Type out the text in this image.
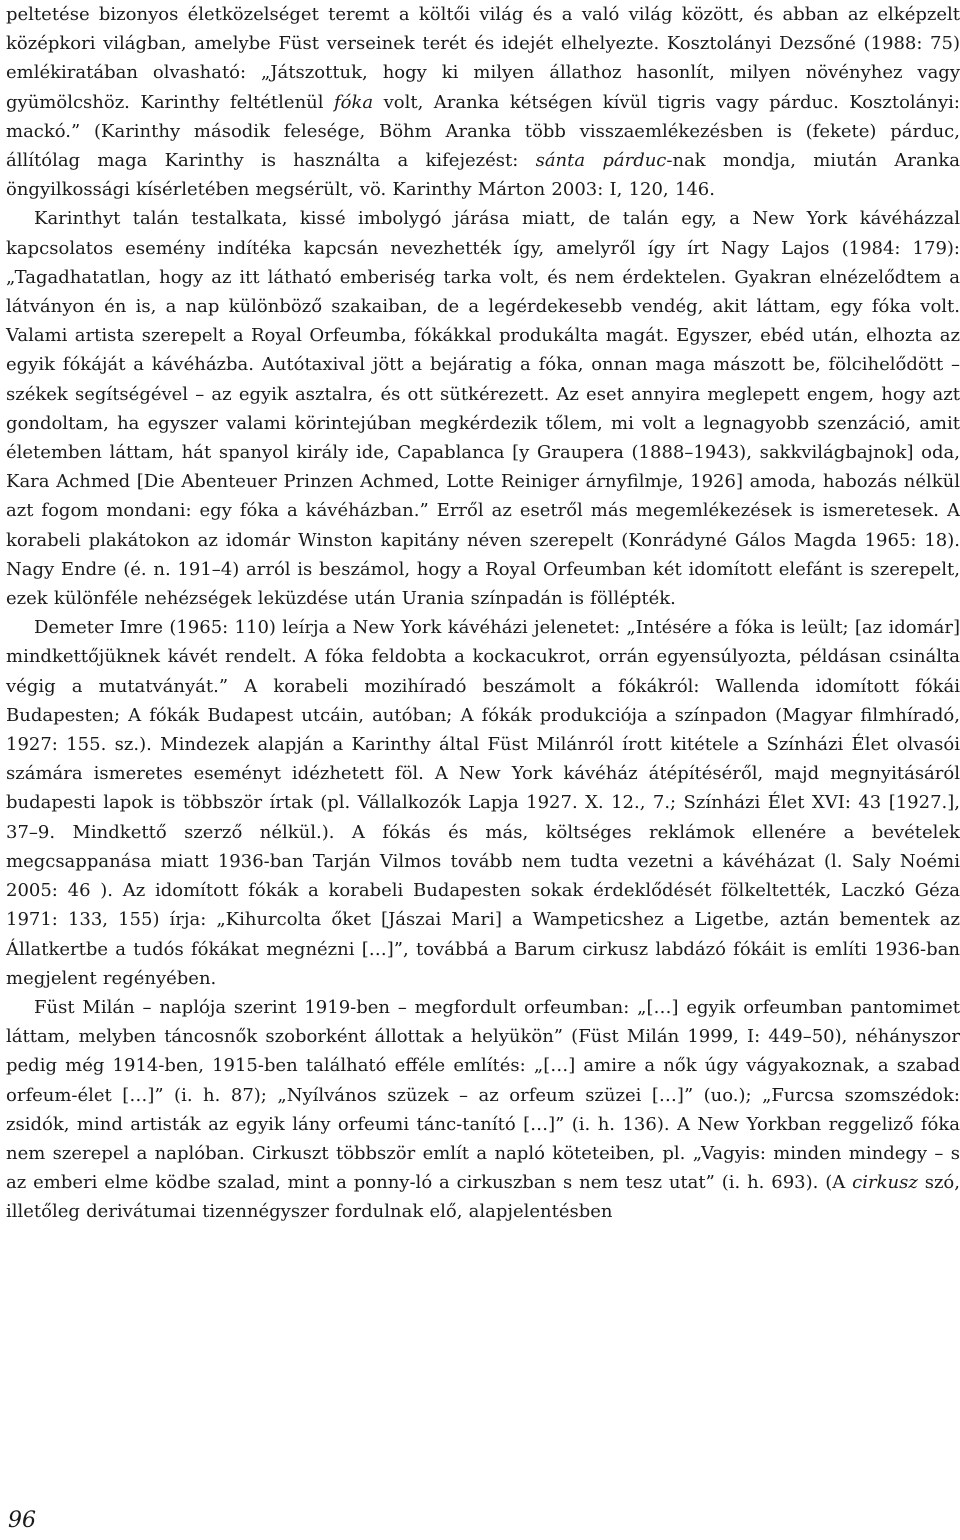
peltetése bizonyos életközelséget teremt a költői világ és a való világ között, és abban az elképzelt középkori világban, amelybe Füst verseinek terét és idejét elhelyezte. Kosztolányi Dezsőné (1988: 75) emlékiratában olvasható: „Játszottuk, hogy ki milyen állathoz hasonlít, milyen növényhez vagy gyümölcshöz. Karinthy feltétlenül fóka volt, Aranka kétségen kívül tigris vagy párduc. Kosztolányi: mackó.” (Karinthy második felesége, Böhm Aranka több visszaemlékezésben is (fekete) párduc, állítólag maga Karinthy is használta a kifejezést: sánta párduc-nak mondja, miután Aranka öngyilkossági kísérletében megsérült, vö. Karinthy Márton 2003: I, 120, 146.

Karinthyt talán testalkata, kissé imbolygó járása miatt, de talán egy, a New York kávéházzal kapcsolatos esemény indítéka kapcsán nevezhették így, amelyről így írt Nagy Lajos (1984: 179): „Tagadhatatlan, hogy az itt látható emberiség tarka volt, és nem érdektelen. Gyakran elnézelődtem a látványon én is, a nap különböző szakaiban, de a legérdekesebb vendég, akit láttam, egy fóka volt. Valami artista szerepelt a Royal Orfeumba, fókákkal produkálta magát. Egyszer, ebéd után, elhozta az egyik fókáját a kávéházba. Autótaxival jött a bejáratig a fóka, onnan maga mászott be, fölcihelődött – székek segítségével – az egyik asztalra, és ott sütkérezett. Az eset annyira meglepett engem, hogy azt gondoltam, ha egyszer valami körintejúban megkérdezik tőlem, mi volt a legnagyobb szenzáció, amit életemben láttam, hát spanyol király ide, Capablanca [y Graupera (1888–1943), sakkvilágbajnok] oda, Kara Achmed [Die Abenteuer Prinzen Achmed, Lotte Reiniger árnyfilmje, 1926] amoda, habozás nélkül azt fogom mondani: egy fóka a kávéházban.” Erről az esetről más megemlékezések is ismeretesek. A korabeli plakátokon az idomár Winston kapitány néven szerepelt (Konrádyné Gálos Magda 1965: 18). Nagy Endre (é. n. 191–4) arról is beszámol, hogy a Royal Orfeumban két idomított elefánt is szerepelt, ezek különféle nehézségek leküzdése után Urania színpadán is föllépték.

Demeter Imre (1965: 110) leírja a New York kávéházi jelenetet: „Intésére a fóka is leült; [az idomár] mindkettőjüknek kávét rendelt. A fóka feldobta a kockacukrot, orrán egyensúlyozta, példásan csinálta végig a mutatványát.” A korabeli mozihíradó beszámolt a fókákról: Wallenda idomított fókái Budapesten; A fókák Budapest utcáin, autóban; A fókák produkciója a színpadon (Magyar filmhíradó, 1927: 155. sz.). Mindezek alapján a Karinthy által Füst Milánról írott kitétele a Színházi Élet olvasói számára ismeretes eseményt idézhetett föl. A New York kávéház átépítéséről, majd megnyitásáról budapesti lapok is többször írtak (pl. Vállalkozók Lapja 1927. X. 12., 7.; Színházi Élet XVI: 43 [1927.], 37–9. Mindkettő szerző nélkül.). A fókás és más, költséges reklámok ellenére a bevételek megcsappanása miatt 1936-ban Tarján Vilmos tovább nem tudta vezetni a kávéházat (l. Saly Noémi 2005: 46 ). Az idomított fókák a korabeli Budapesten sokak érdeklődését fölkeltették, Laczkó Géza 1971: 133, 155) írja: „Kihurcolta őket [Jászai Mari] a Wampeticshez a Ligetbe, aztán bementek az Állatkertbe a tudós fókákat megnézni […]”, továbbá a Barum cirkusz labdázó fókáit is említi 1936-ban megjelent regényében.

Füst Milán – naplója szerint 1919-ben – megfordult orfeumban: „[…] egyik orfeumban pantomimet láttam, melyben táncosnők szoborként állottak a helyükön” (Füst Milán 1999, I: 449–50), néhányszor pedig még 1914-ben, 1915-ben található efféle említés: „[…] amire a nők úgy vágyakoznak, a szabad orfeum-élet […]” (i. h. 87); „Nyílvános szüzek – az orfeum szüzei […]” (uo.); „Furcsa szomszédok: zsidók, mind artisták az egyik lány orfeumi tánc-tanító […]” (i. h. 136). A New Yorkban reggeliző fóka nem szerepel a naplóban. Cirkuszt többször említ a napló köteteiben, pl. „Vagyis: minden mindegy – s az emberi elme ködbe szalad, mint a ponny-ló a cirkuszban s nem tesz utat” (i. h. 693). (A cirkusz szó, illetőleg derivátumai tizennégyszer fordulnak elő, alapjelentésben

96
